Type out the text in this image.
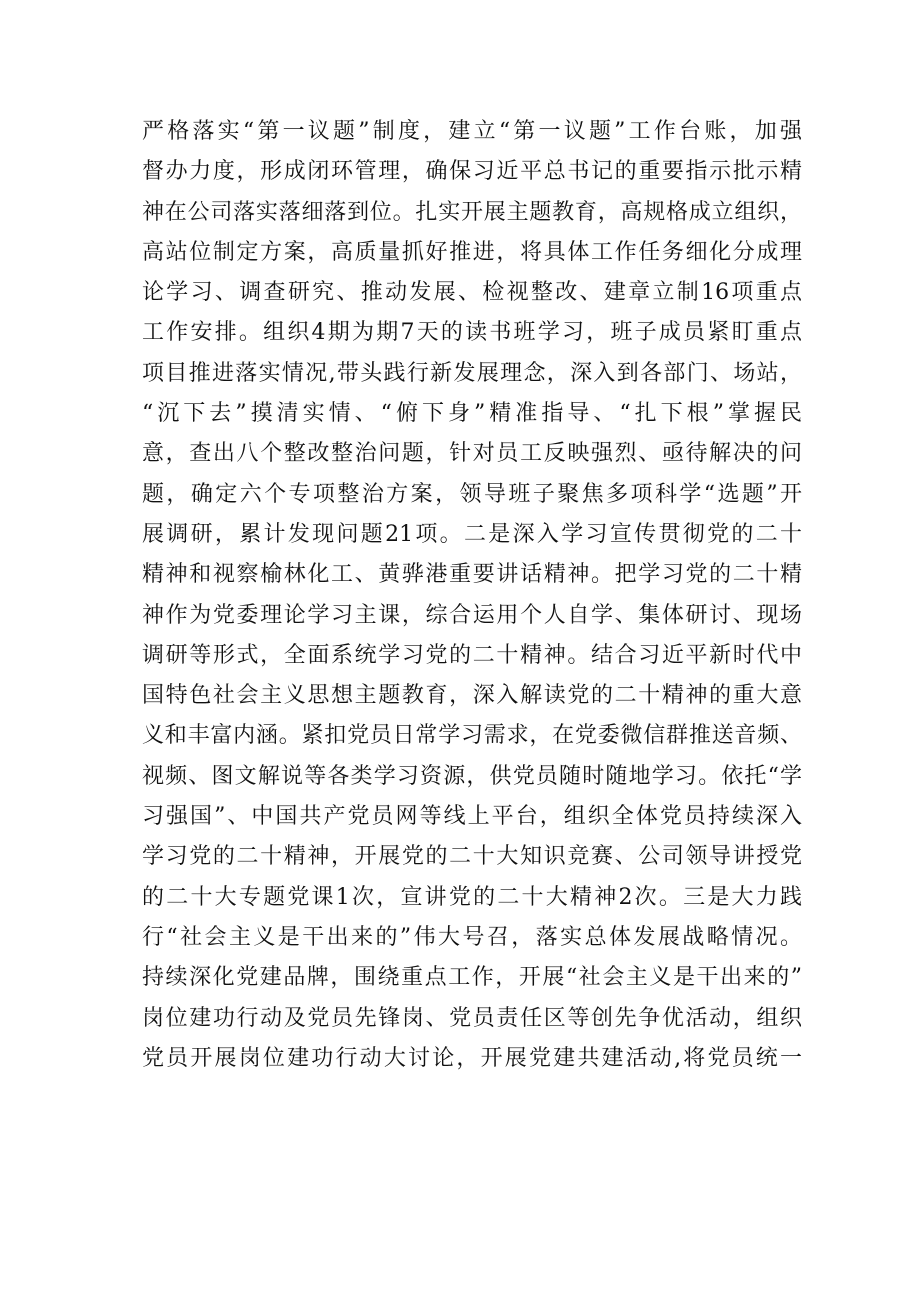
严格落实“第一议题”制度，建立“第一议题”工作台账，加强
督办力度，形成闭环管理，确保习近平总书记的重要指示批示精
神在公司落实落细落到位。扎实开展主题教育，高规格成立组织，
高站位制定方案，高质量抓好推进，将具体工作任务细化分成理
论学习、调查研究、推动发展、检视整改、建章立制16项重点
工作安排。组织4期为期7天的读书班学习，班子成员紧盯重点
项目推进落实情况,带头践行新发展理念，深入到各部门、场站，
“沉下去”摸清实情、“俯下身”精准指导、“扎下根”掌握民
意，查出八个整改整治问题，针对员工反映强烈、亟待解决的问
题，确定六个专项整治方案，领导班子聚焦多项科学“选题”开
展调研，累计发现问题21项。二是深入学习宣传贯彻党的二十
精神和视察榆林化工、黄骅港重要讲话精神。把学习党的二十精
神作为党委理论学习主课，综合运用个人自学、集体研讨、现场
调研等形式，全面系统学习党的二十精神。结合习近平新时代中
国特色社会主义思想主题教育，深入解读党的二十精神的重大意
义和丰富内涵。紧扣党员日常学习需求，在党委微信群推送音频、
视频、图文解说等各类学习资源，供党员随时随地学习。依托“学
习强国”、中国共产党员网等线上平台，组织全体党员持续深入
学习党的二十精神，开展党的二十大知识竞赛、公司领导讲授党
的二十大专题党课1次，宣讲党的二十大精神2次。三是大力践
行“社会主义是干出来的”伟大号召，落实总体发展战略情况。
持续深化党建品牌，围绕重点工作，开展“社会主义是干出来的”
岗位建功行动及党员先锋岗、党员责任区等创先争优活动，组织
党员开展岗位建功行动大讨论，开展党建共建活动,将党员统一
